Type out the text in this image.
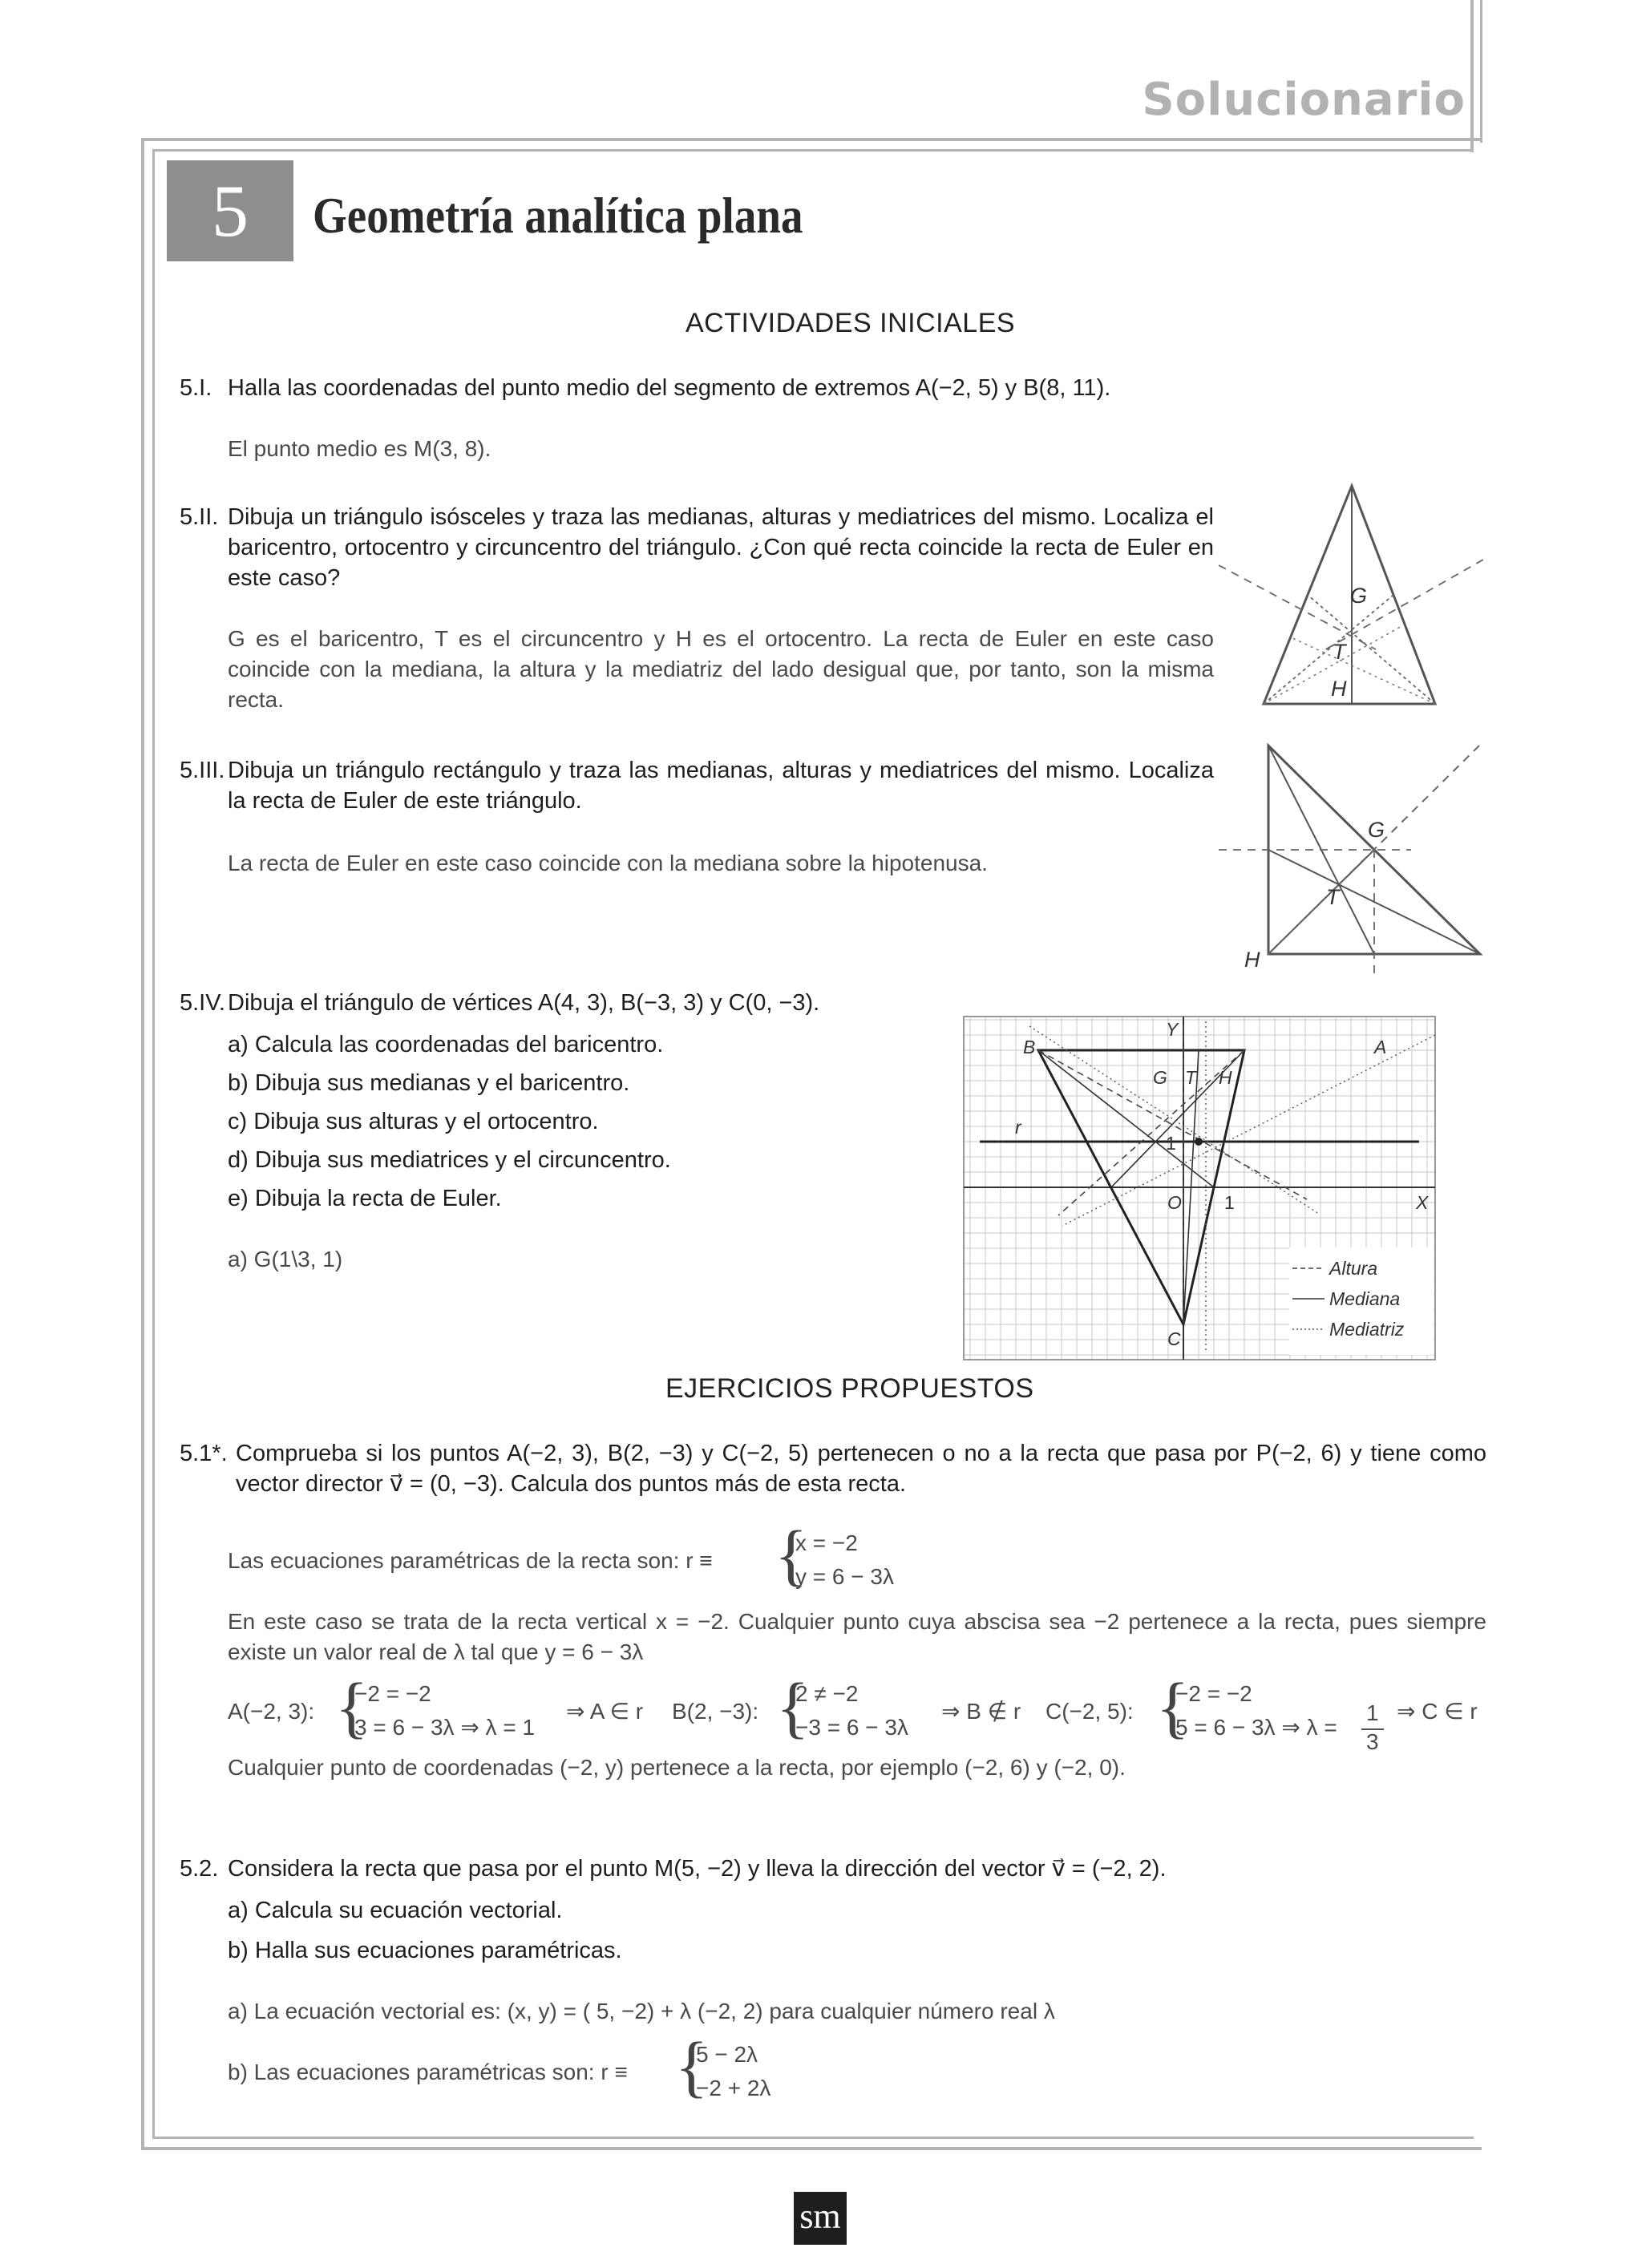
Solucionario
5	Geometría analítica plana
ACTIVIDADES INICIALES
5.I. Halla las coordenadas del punto medio del segmento de extremos A(−2, 5) y B(8, 11).
El punto medio es M(3, 8).
5.II. Dibuja un triángulo isósceles y traza las medianas, alturas y mediatrices del mismo. Localiza el baricentro, ortocentro y circuncentro del triángulo. ¿Con qué recta coincide la recta de Euler en este caso?
G es el baricentro, T es el circuncentro y H es el ortocentro. La recta de Euler en este caso coincide con la mediana, la altura y la mediatriz del lado desigual que, por tanto, son la misma recta.
G
T
H
5.III. Dibuja un triángulo rectángulo y traza las medianas, alturas y mediatrices del mismo. Localiza la recta de Euler de este triángulo.
La recta de Euler en este caso coincide con la mediana sobre la hipotenusa.
G
T
H
5.IV. Dibuja el triángulo de vértices A(4, 3), B(−3, 3) y C(0, −3).
a) Calcula las coordenadas del baricentro.
b) Dibuja sus medianas y el baricentro.
c) Dibuja sus alturas y el ortocentro.
d) Dibuja sus mediatrices y el circuncentro.
e) Dibuja la recta de Euler.
a) G(1\3, 1)
Y
X
O 1
1
A
B
C
G T H
r
Altura
Mediana
Mediatriz
EJERCICIOS PROPUESTOS
5.1*. Comprueba si los puntos A(−2, 3), B(2, −3) y C(−2, 5) pertenecen o no a la recta que pasa por P(−2, 6) y tiene como vector director v⃗ = (0, −3). Calcula dos puntos más de esta recta.
Las ecuaciones paramétricas de la recta son: r ≡ {
x = −2
y = 6 − 3λ
En este caso se trata de la recta vertical x = −2. Cualquier punto cuya abscisa sea −2 pertenece a la recta, pues siempre existe un valor real de λ tal que y = 6 − 3λ
A(−2, 3): {
−2 = −2
3 = 6 − 3λ ⇒ λ = 1
⇒ A ∈ r B(2, −3): {
2 ≠ −2
−3 = 6 − 3λ
⇒ B ∉ r C(−2, 5): {
−2 = −2
5 = 6 − 3λ ⇒ λ =
1
3
⇒ C ∈ r
Cualquier punto de coordenadas (−2, y) pertenece a la recta, por ejemplo (−2, 6) y (−2, 0).
5.2. Considera la recta que pasa por el punto M(5, −2) y lleva la dirección del vector v⃗ = (−2, 2).
a) Calcula su ecuación vectorial.
b) Halla sus ecuaciones paramétricas.
a) La ecuación vectorial es: (x, y) = ( 5, −2) + λ (−2, 2) para cualquier número real λ
b) Las ecuaciones paramétricas son: r ≡ {
5 − 2λ
−2 + 2λ
sm
